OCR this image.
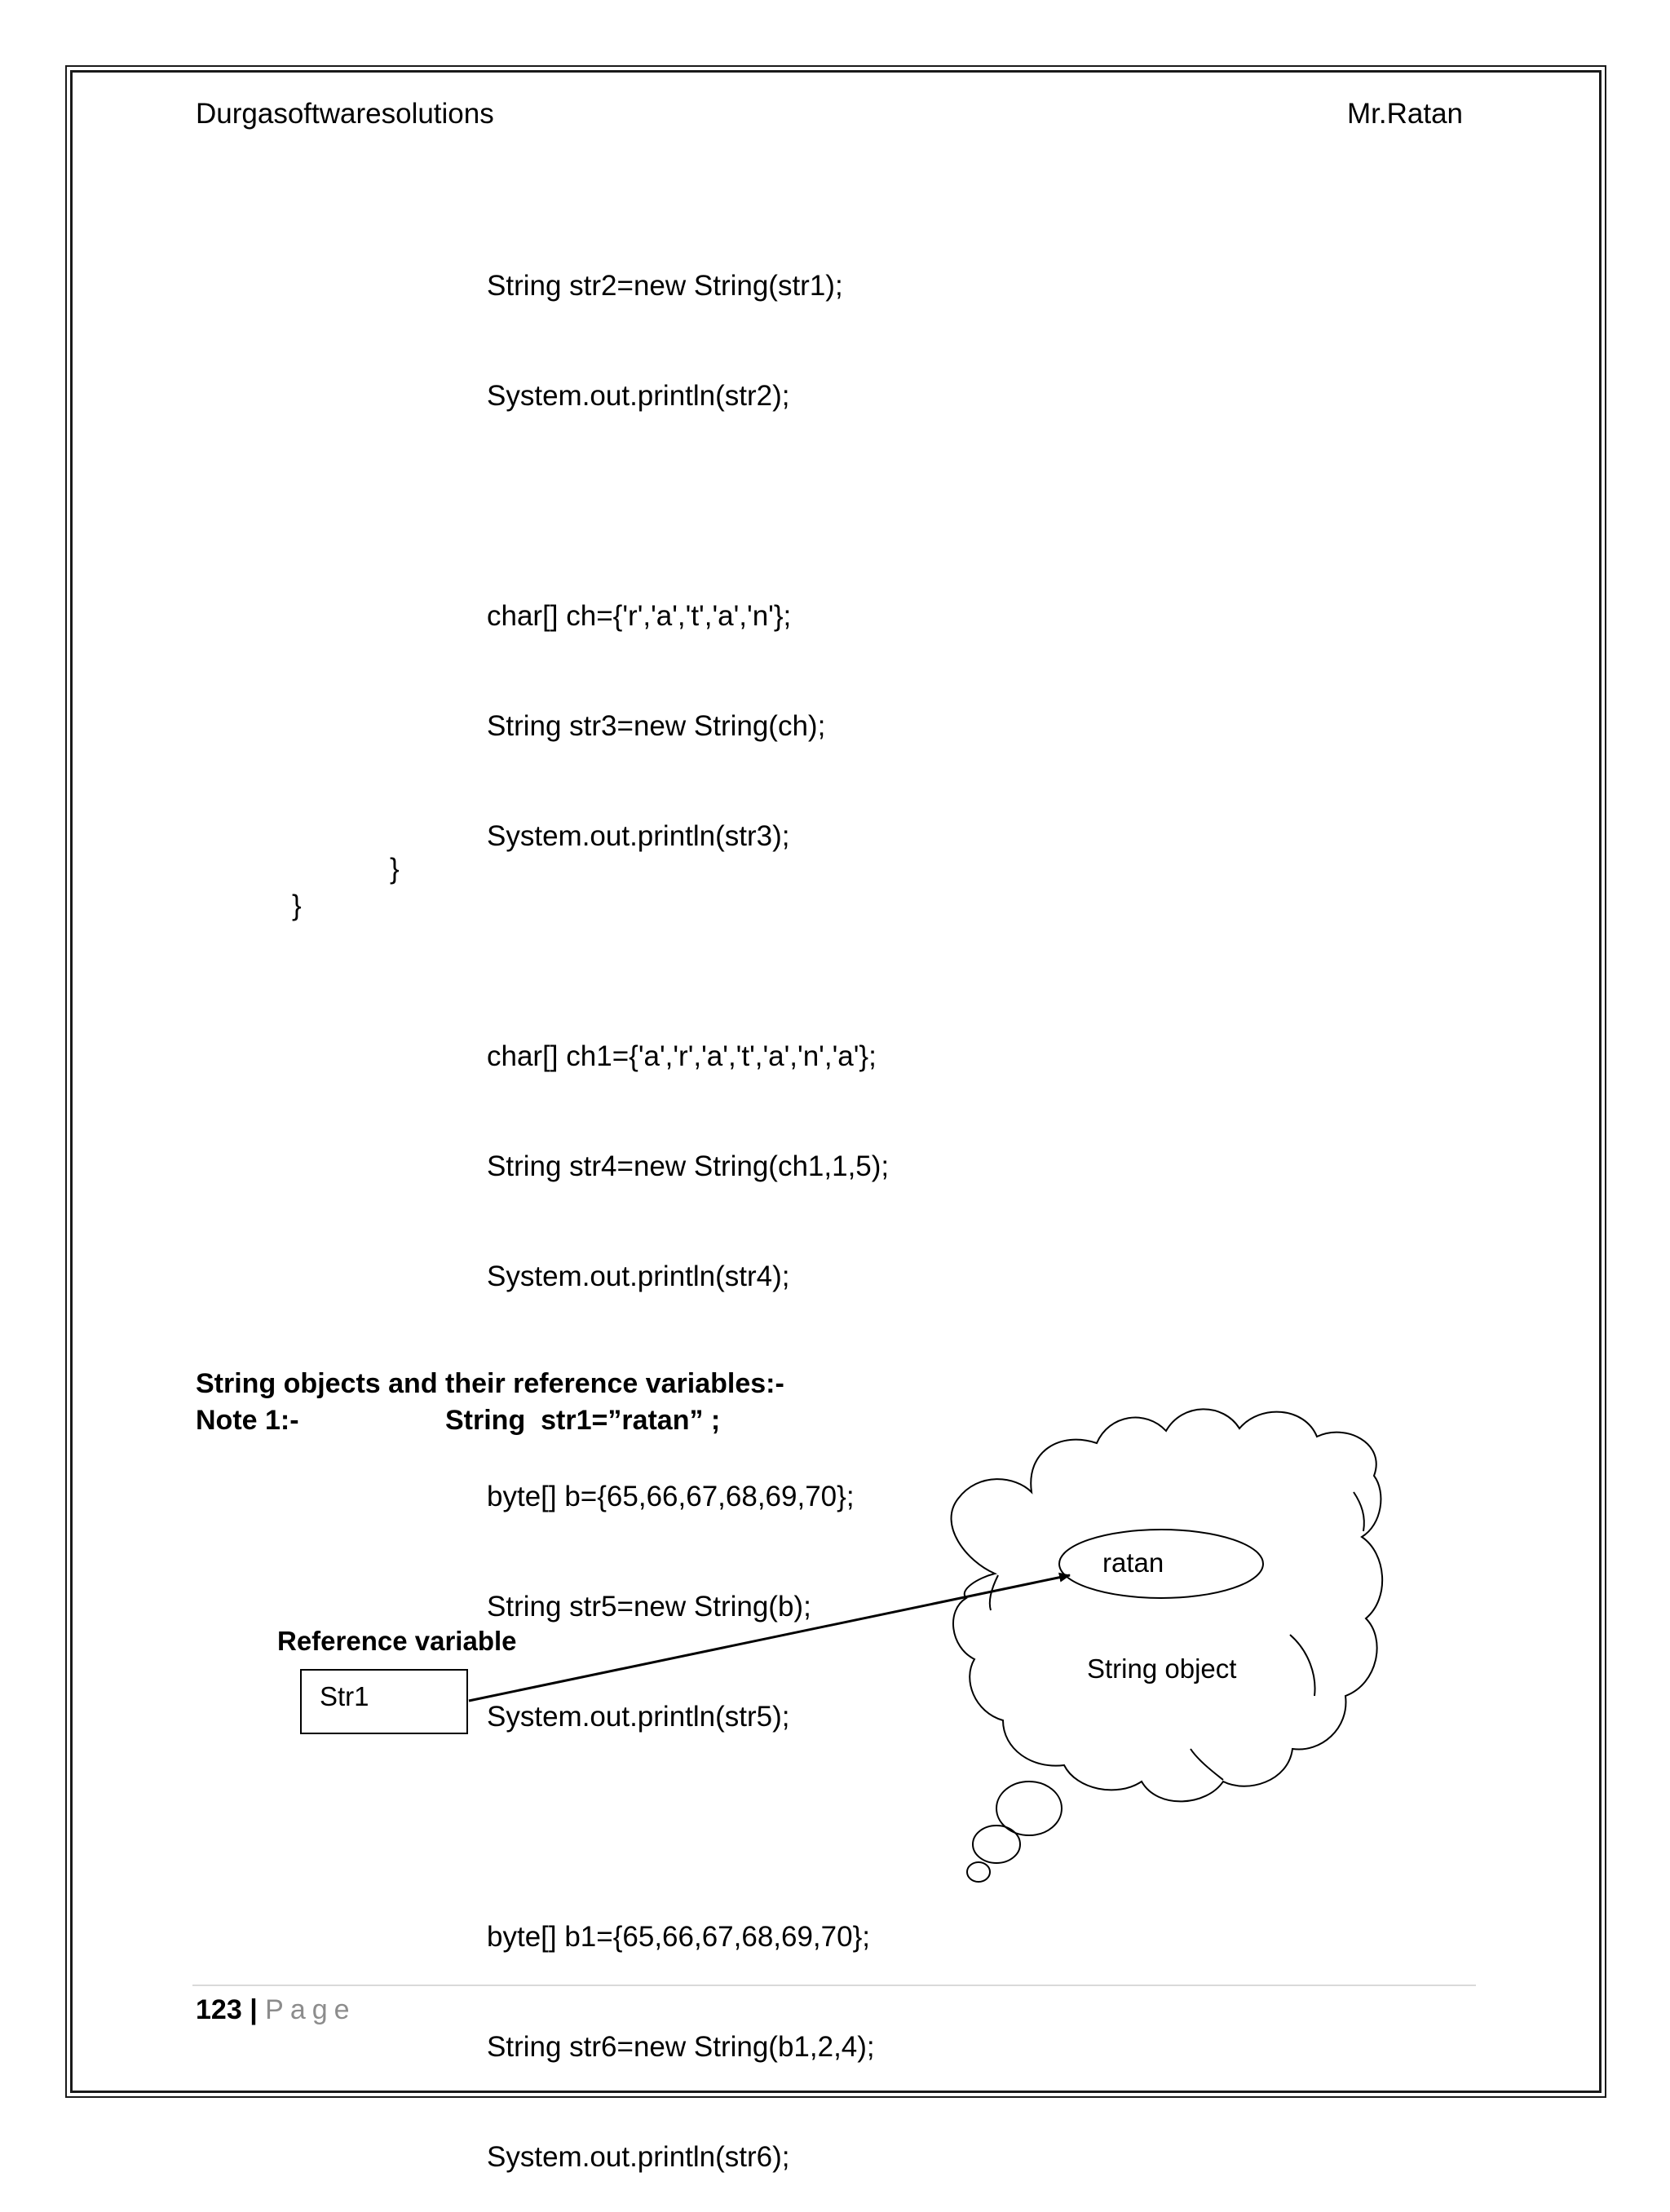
Durgasoftwaresolutions	Mr.Ratan

String str2=new String(str1);

System.out.println(str2);

char[] ch={'r','a','t','a','n'};

String str3=new String(ch);

System.out.println(str3);

char[] ch1={'a','r','a','t','a','n','a'};

String str4=new String(ch1,1,5);

System.out.println(str4);

byte[] b={65,66,67,68,69,70};

String str5=new String(b);

System.out.println(str5);

byte[] b1={65,66,67,68,69,70};

String str6=new String(b1,2,4);

System.out.println(str6);

}
}
String objects and their reference variables:-
Note 1:-	String  str1=”ratan” ;
ratan
String object
Reference variable
Str1
123 | Page
